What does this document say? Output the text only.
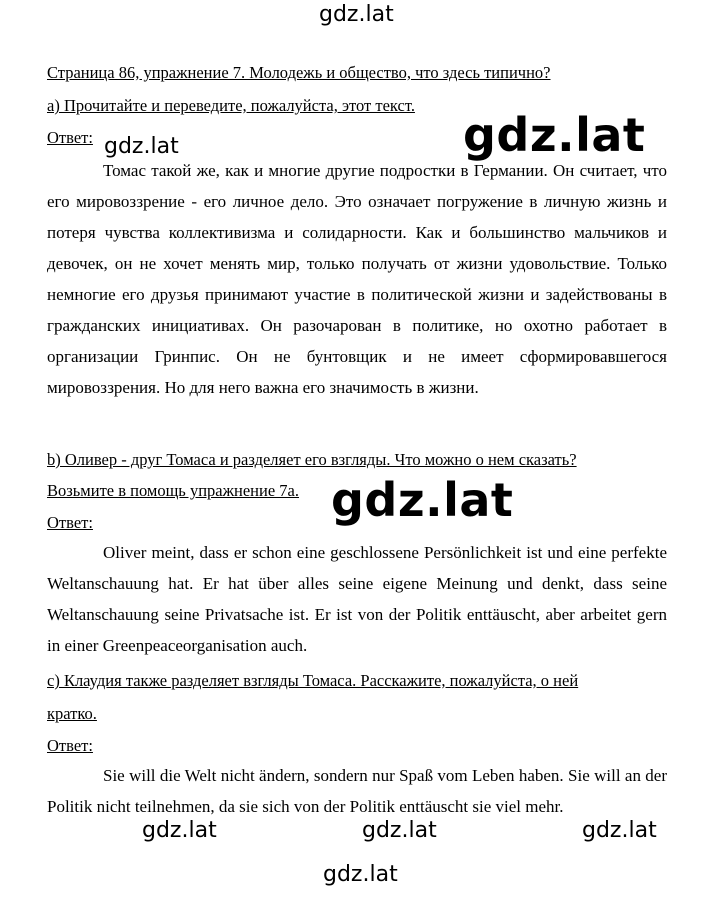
gdz.lat
Страница 86, упражнение 7. Молодежь и общество, что здесь типично?
а) Прочитайте и переведите, пожалуйста, этот текст.
Ответ: gdz.lat	gdz.lat

Томас такой же, как и многие другие подростки в Германии. Он считает, что его мировоззрение - его личное дело. Это означает погружение в личную жизнь и потеря чувства коллективизма и солидарности. Как и большинство мальчиков и девочек, он не хочет менять мир, только получать от жизни удовольствие. Только немногие его друзья принимают участие в политической жизни и задействованы в гражданских инициативах. Он разочарован в политике, но охотно работает в организации Гринпис. Он не бунтовщик и не имеет сформировавшегося мировоззрения. Но для него важна его значимость в жизни.

b) Оливер - друг Томаса и разделяет его взгляды. Что можно о нем сказать?
Возьмите в помощь упражнение 7а. gdz.lat
Ответ:

Oliver meint, dass er schon eine geschlossene Persönlichkeit ist und eine perfekte Weltanschauung hat. Er hat über alles seine eigene Meinung und denkt, dass seine Weltanschauung seine Privatsache ist. Er ist von der Politik enttäuscht, aber arbeitet gern in einer Greenpeaceorganisation auch.

с) Клаудия также разделяет взгляды Томаса. Расскажите, пожалуйста, о ней
кратко.
Ответ:

Sie will die Welt nicht ändern, sondern nur Spaß vom Leben haben. Sie will an der Politik nicht teilnehmen, da sie sich von der Politik enttäuscht sie viel mehr.

gdz.lat	gdz.lat	gdz.lat
gdz.lat
